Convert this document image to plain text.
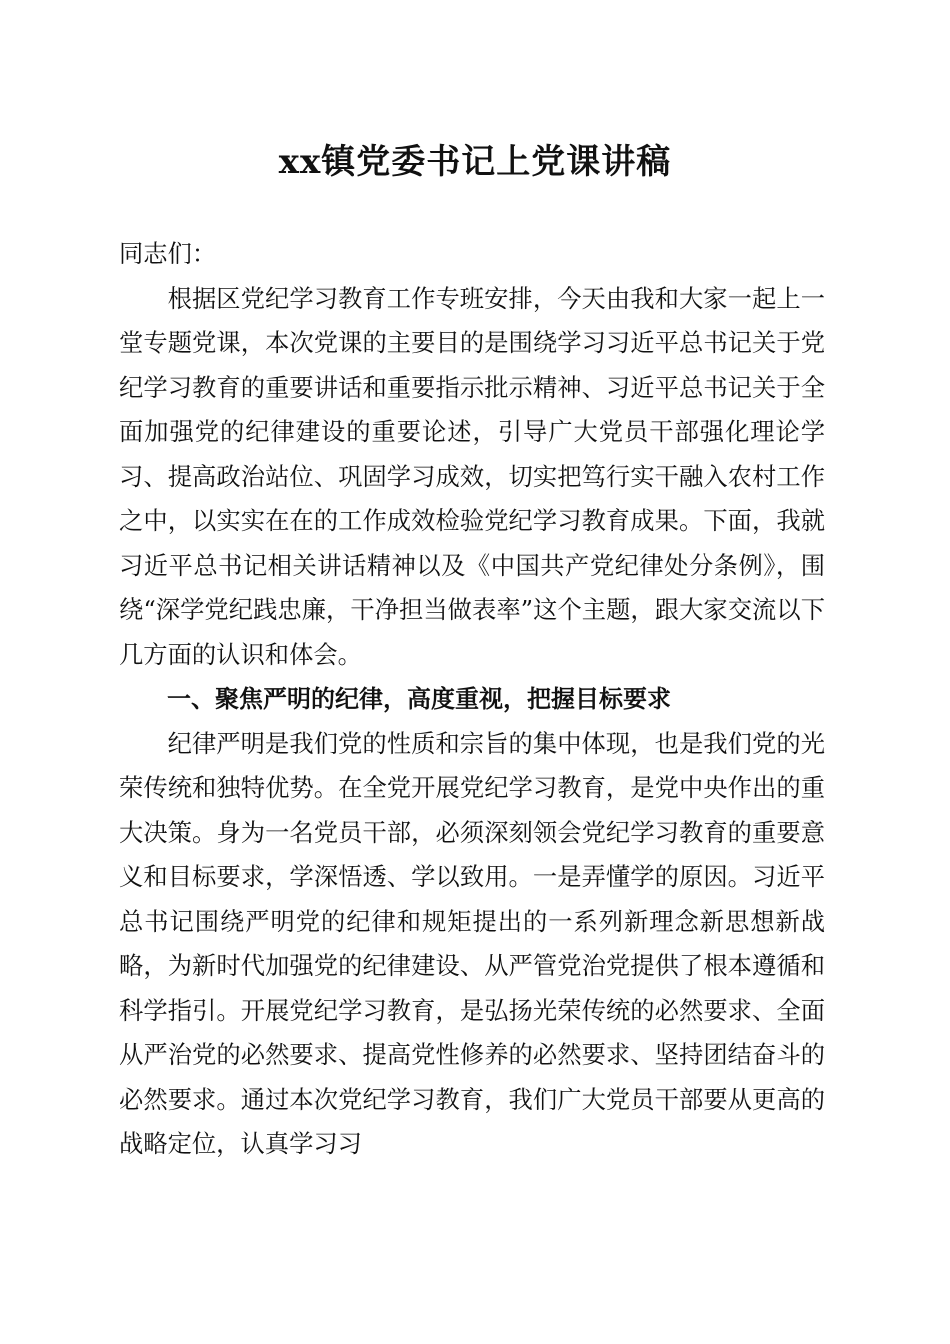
xx镇党委书记上党课讲稿

同志们：

根据区党纪学习教育工作专班安排，今天由我和大家一起上一堂专题党课，本次党课的主要目的是围绕学习习近平总书记关于党纪学习教育的重要讲话和重要指示批示精神、习近平总书记关于全面加强党的纪律建设的重要论述，引导广大党员干部强化理论学习、提高政治站位、巩固学习成效，切实把笃行实干融入农村工作之中，以实实在在的工作成效检验党纪学习教育成果。下面，我就习近平总书记相关讲话精神以及《中国共产党纪律处分条例》，围绕“深学党纪践忠廉，干净担当做表率”这个主题，跟大家交流以下几方面的认识和体会。

一、聚焦严明的纪律，高度重视，把握目标要求

纪律严明是我们党的性质和宗旨的集中体现，也是我们党的光荣传统和独特优势。在全党开展党纪学习教育，是党中央作出的重大决策。身为一名党员干部，必须深刻领会党纪学习教育的重要意义和目标要求，学深悟透、学以致用。一是弄懂学的原因。习近平总书记围绕严明党的纪律和规矩提出的一系列新理念新思想新战略，为新时代加强党的纪律建设、从严管党治党提供了根本遵循和科学指引。开展党纪学习教育，是弘扬光荣传统的必然要求、全面从严治党的必然要求、提高党性修养的必然要求、坚持团结奋斗的必然要求。通过本次党纪学习教育，我们广大党员干部要从更高的战略定位，认真学习习
